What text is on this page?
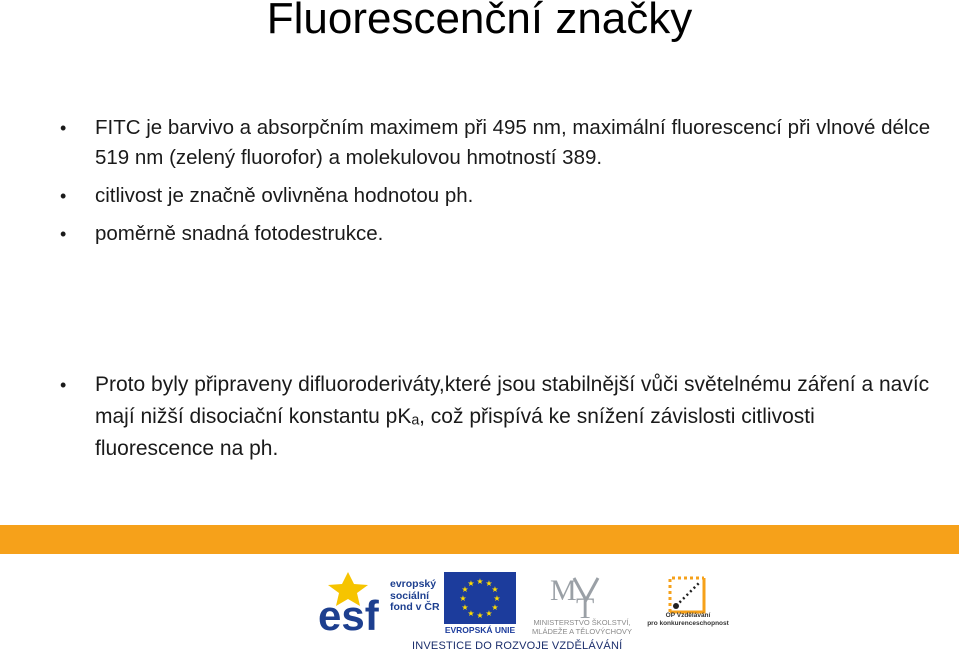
Fluorescenční značky
• FITC je barvivo a absorpčním maximem při 495 nm, maximální fluorescencí při vlnové délce 519 nm (zelený fluorofor) a molekulovou hmotností 389.
• citlivost je značně ovlivněna hodnotou ph.
• poměrně snadná fotodestrukce.
• Proto byly připraveny difluoroderiváty,které jsou stabilnější vůči světelnému záření a navíc mají nižší disociační konstantu pKₐ, což přispívá ke snížení závislosti citlivosti fluorescence na ph.
esf
evropský
sociální
fond v ČR
★ ★
★
★
★
★
★
★
★
★
★
★
EVROPSKÁ UNIE
M
T
MINISTERSTVO ŠKOLSTVÍ,
MLÁDEŽE A TĚLOVÝCHOVY
OP Vzdělávání
pro konkurenceschopnost
INVESTICE DO ROZVOJE VZDĚLÁVÁNÍ
